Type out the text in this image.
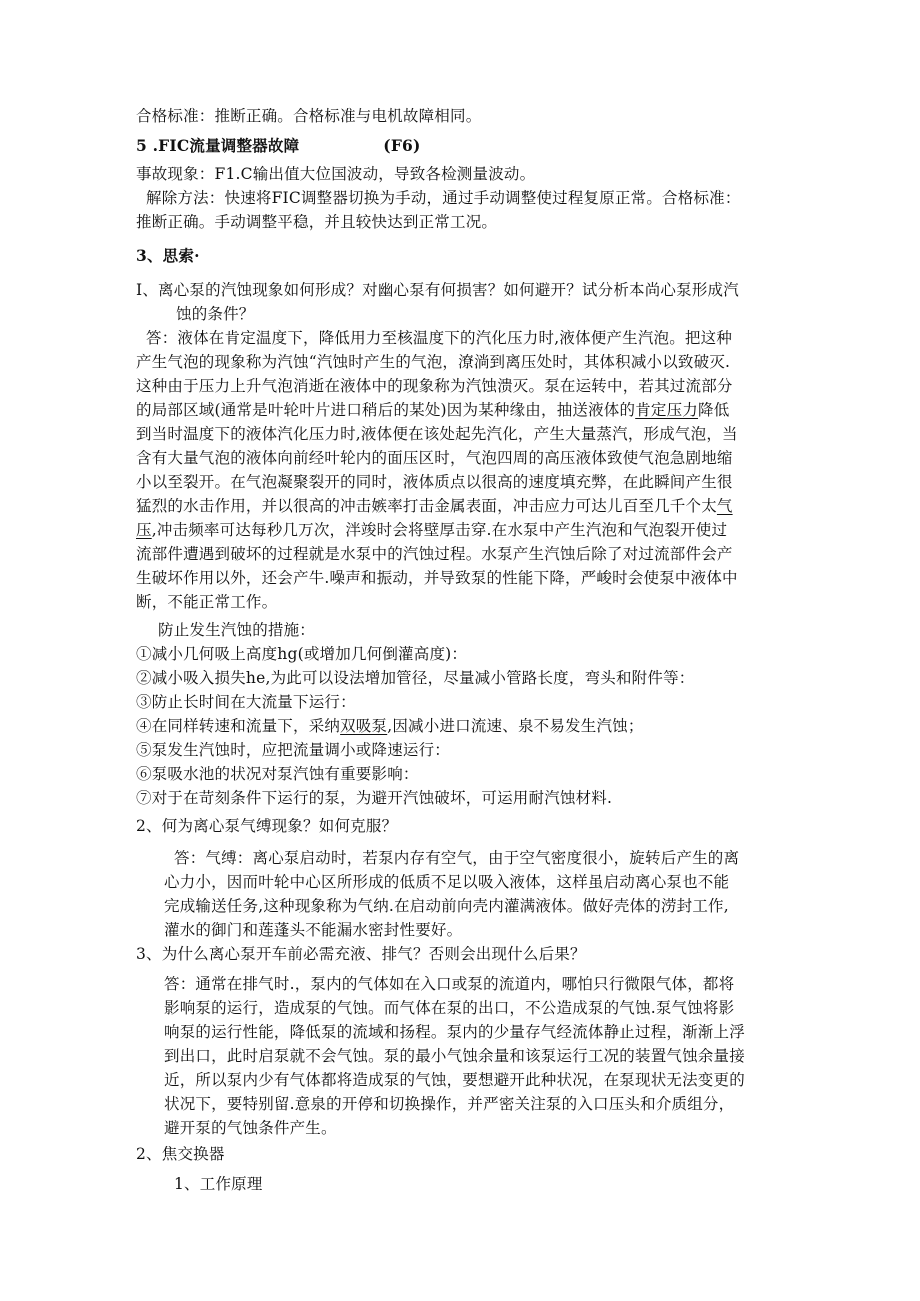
合格标准：推断正确。合格标准与电机故障相同。
5 .FIC流量调整器故障	(F6)
事故现象：F1.C输出值大位国波动，导致各检测量波动。
解除方法：快速将FIC调整器切换为手动，通过手动调整使过程复原正常。合格标准：
推断正确。手动调整平稳，并且较快达到正常工况。
3、思索·
I、离心泵的汽蚀现象如何形成？对幽心泵有何损害？如何避开？试分析本尚心泵形成汽
蚀的条件？
答：液体在肯定温度下，降低用力至核温度下的汽化压力时,液体便产生汽泡。把这种
产生气泡的现象称为汽蚀“汽蚀时产生的气泡，潦淌到离压处时，其体积减小以致破灭.
这种由于压力上升气泡消逝在液体中的现象称为汽蚀溃灭。泵在运转中，若其过流部分
的局部区域(通常是叶轮叶片进口稍后的某处)因为某种缘由，抽送液体的肯定压力降低
到当时温度下的液体汽化压力时,液体便在该处起先汽化，产生大量蒸汽，形成气泡，当
含有大量气泡的液体向前经叶轮内的面压区时，气泡四周的高压液体致使气泡急剧地缩
小以至裂开。在气泡凝聚裂开的同时，液体质点以很高的速度填充弊，在此瞬间产生很
猛烈的水击作用，并以很高的冲击嫉率打击金属表面，冲击应力可达儿百至几千个太气
压,冲击频率可达每秒几万次，泮竣时会将壁厚击穿.在水泵中产生汽泡和气泡裂开使过
流部件遭遇到破坏的过程就是水泵中的汽蚀过程。水泵产生汽蚀后除了对过流部件会产
生破坏作用以外，还会产牛.噪声和振动，并导致泵的性能下降，严峻时会使泵中液体中
断，不能正常工作。
防止发生汽蚀的措施：
①减小几何吸上高度hg(或增加几何倒灌高度)：
②减小吸入损失he,为此可以设法增加管径，尽量减小管路长度，弯头和附件等：
③防止长时间在大流量下运行：
④在同样转速和流量下，采纳双吸泵,因减小进口流速、泉不易发生汽蚀；
⑤泵发生汽蚀时，应把流量调小或降速运行：
⑥泵吸水池的状况对泵汽蚀有重要影响：
⑦对于在苛刻条件下运行的泵，为避开汽蚀破坏，可运用耐汽蚀材料.
2、何为离心泵气缚现象？如何克服？
答：气缚：离心泵启动时，若泵内存有空气，由于空气密度很小，旋转后产生的离
心力小，因而叶轮中心区所形成的低质不足以吸入液体，这样虽启动离心泵也不能
完成输送任务,这种现象称为气纳.在启动前向壳内灌满液体。做好壳体的涝封工作,
灌水的御门和莲蓬头不能漏水密封性要好。
3、为什么离心泵开车前必需充液、排气？否则会出现什么后果？
答：通常在排气时.，泵内的气体如在入口或泵的流道内，哪怕只行微限气体，都将
影响泵的运行，造成泵的气蚀。而气体在泵的出口，不公造成泵的气蚀.泵气蚀将影
响泵的运行性能，降低泵的流域和扬程。泵内的少量存气经流体静止过程，渐渐上浮
到出口，此时启泵就不会气蚀。泵的最小气蚀余量和该泵运行工况的装置气蚀余量接
近，所以泵内少有气体都将造成泵的气蚀，要想避开此种状况，在泵现状无法变更的
状况下，要特别留.意泉的开停和切换操作，并严密关注泵的入口压头和介质组分，
避开泵的气蚀条件产生。
2、焦交换器
1、工作原理
